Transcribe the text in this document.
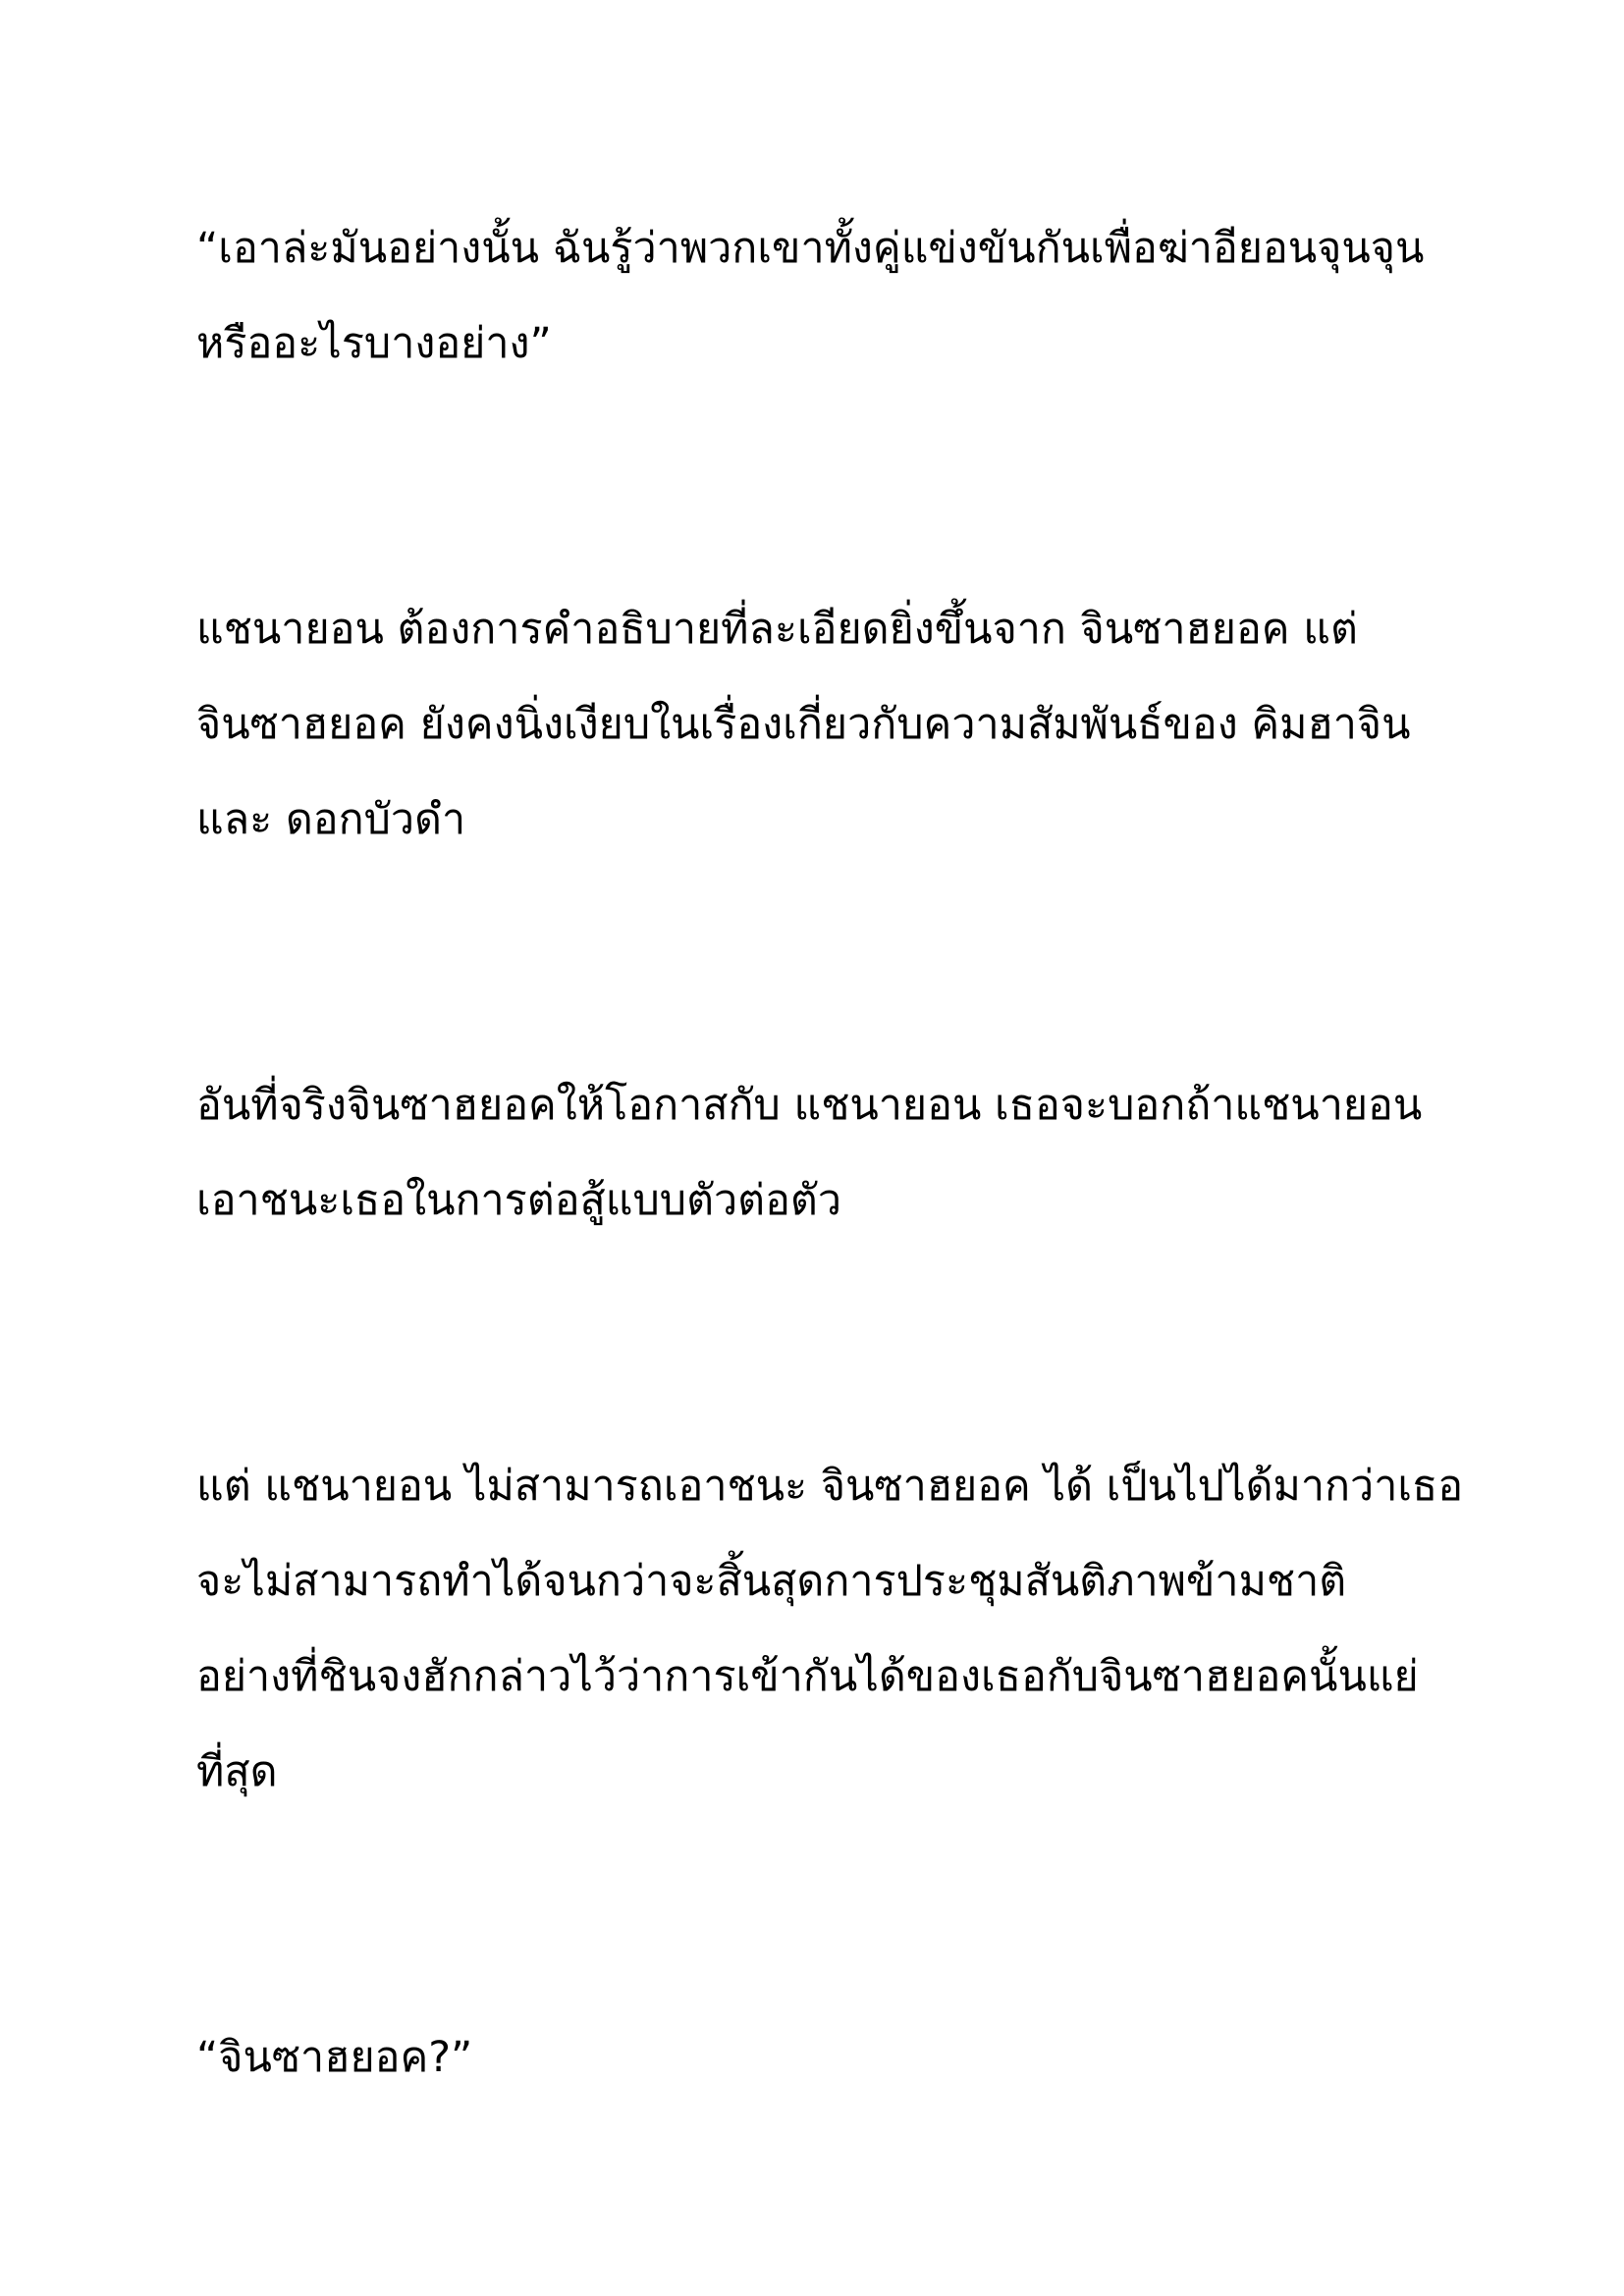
“เอาล่ะมันอย่างนั้น ฉันรู้ว่าพวกเขาทั้งคู่แข่งขันกันเพื่อฆ่าอียอนจุนจุน
หรืออะไรบางอย่าง”

แชนายอน ต้องการคำอธิบายที่ละเอียดยิ่งขึ้นจาก จินซาฮยอค แต่
จินซาฮยอค ยังคงนิ่งเงียบในเรื่องเกี่ยวกับความสัมพันธ์ของ คิมฮาจิน
และ ดอกบัวดำ

อันที่จริงจินซาฮยอคให้โอกาสกับ แชนายอน เธอจะบอกถ้าแชนายอน
เอาชนะเธอในการต่อสู้แบบตัวต่อตัว

แต่ แชนายอน ไม่สามารถเอาชนะ จินซาฮยอค ได้ เป็นไปได้มากว่าเธอ
จะไม่สามารถทำได้จนกว่าจะสิ้นสุดการประชุมสันติภาพข้ามชาติ
อย่างที่ชินจงฮักกล่าวไว้ว่าการเข้ากันได้ของเธอกับจินซาฮยอคนั้นแย่
ที่สุด

“จินซาฮยอค?”
